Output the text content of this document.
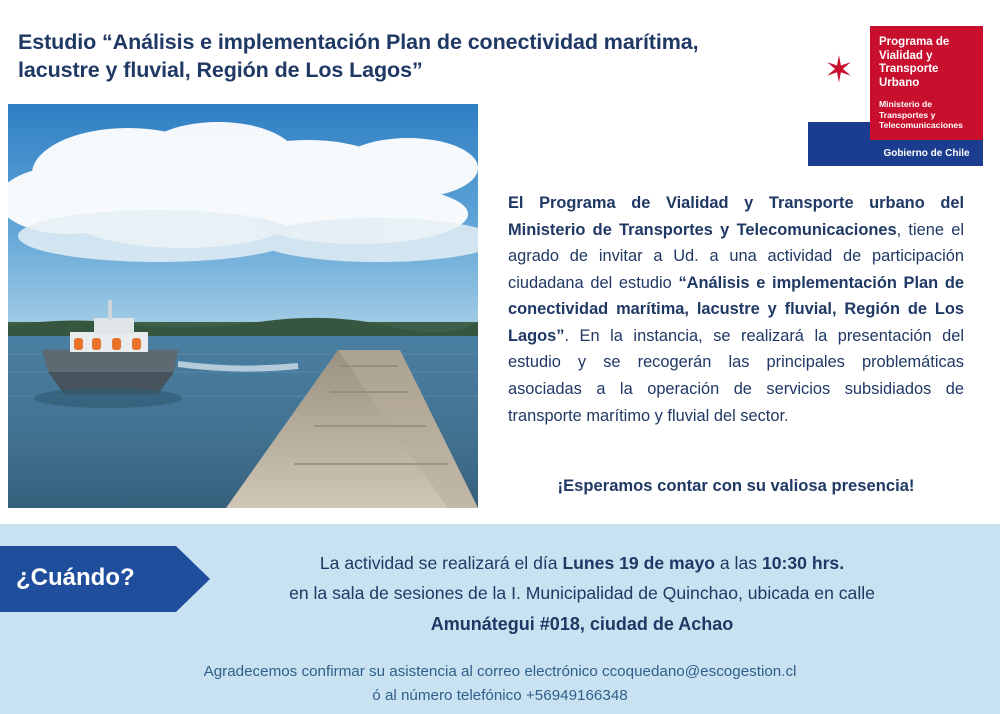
Estudio “Análisis e implementación Plan de conectividad marítima, lacustre y fluvial, Región de Los Lagos”	✶
Programa de Vialidad y Transporte Urbano
Ministerio de Transportes y Telecomunicaciones
Gobierno de Chile
El Programa de Vialidad y Transporte urbano del Ministerio de Transportes y Telecomunicaciones, tiene el agrado de invitar a Ud. a una actividad de participación ciudadana del estudio “Análisis e implementación Plan de conectividad marítima, lacustre y fluvial, Región de Los Lagos”. En la instancia, se realizará la presentación del estudio y se recogerán las principales problemáticas asociadas a la operación de servicios subsidiados de transporte marítimo y fluvial del sector.
¡Esperamos contar con su valiosa presencia!
¿Cuándo?
La actividad se realizará el día Lunes 19 de mayo a las 10:30 hrs.
en la sala de sesiones de la I. Municipalidad de Quinchao, ubicada en calle
Amunátegui #018, ciudad de Achao
Agradecemos confirmar su asistencia al correo electrónico ccoquedano@escogestion.cl
ó al número telefónico +56949166348
